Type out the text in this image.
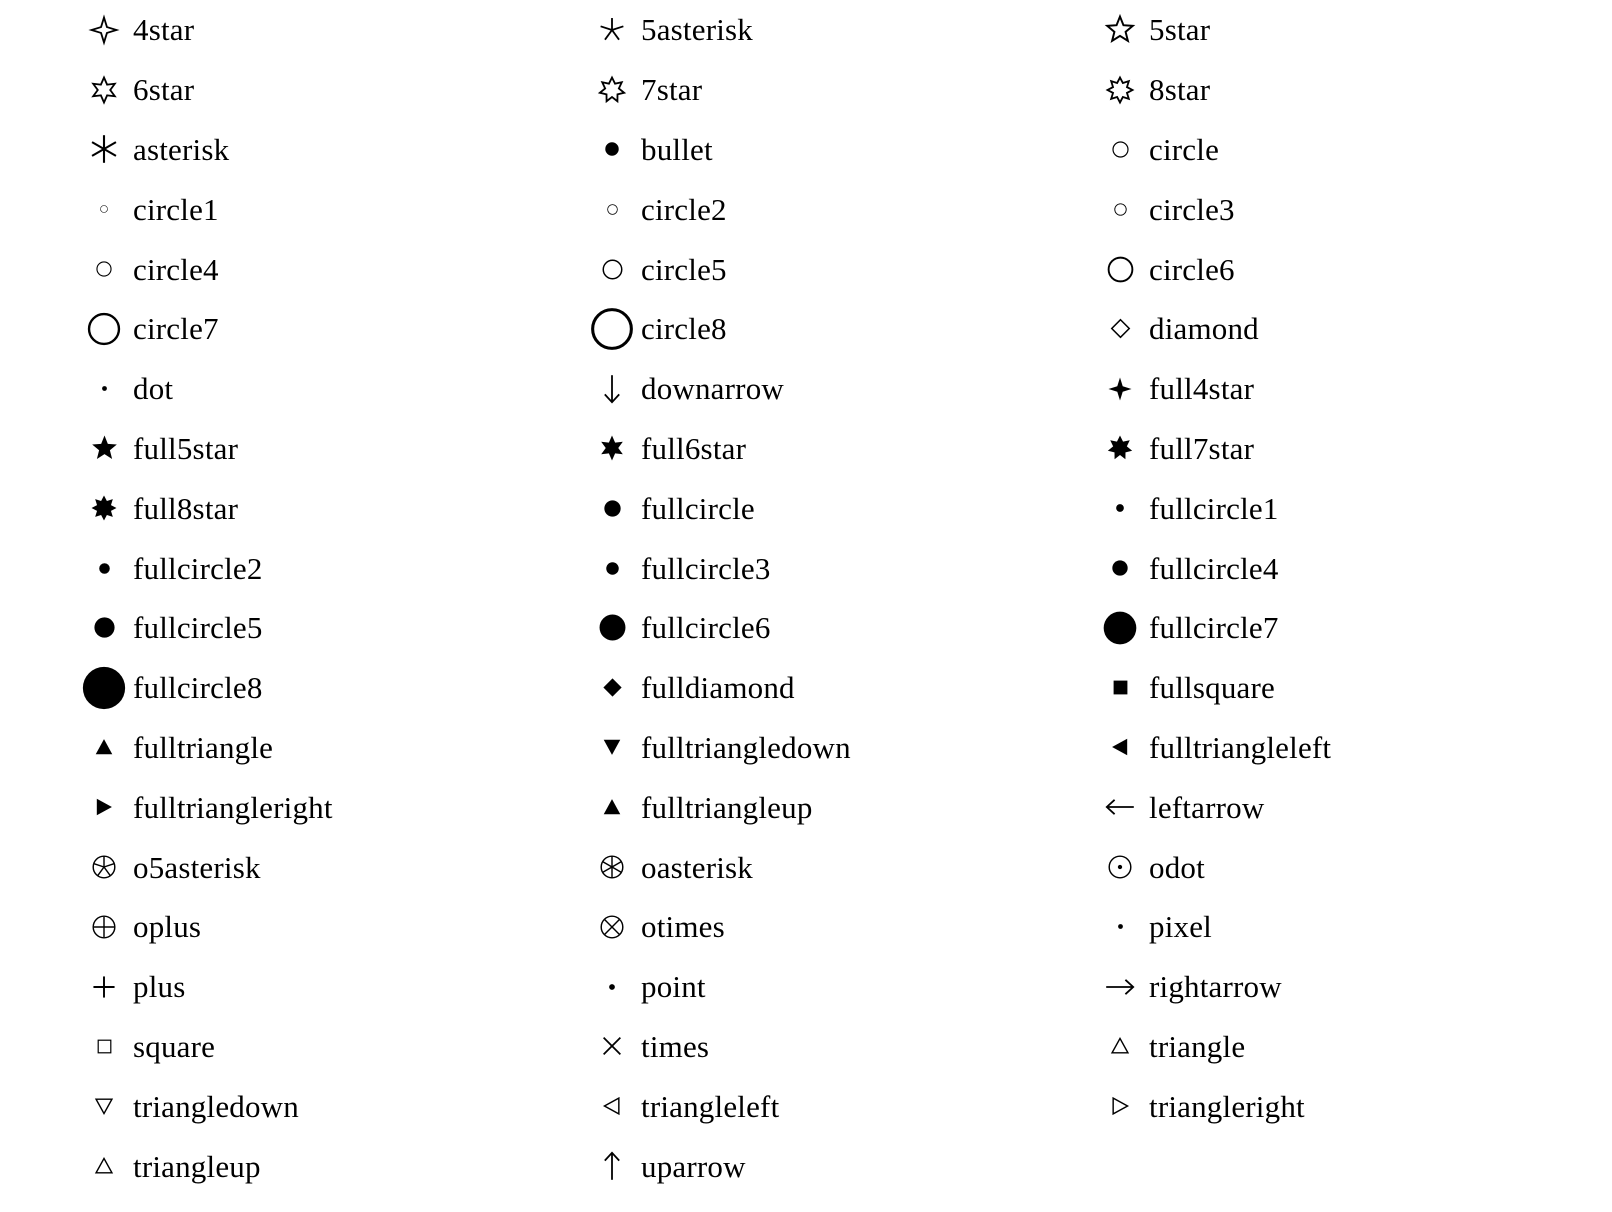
4star	5asterisk	5star
6star	7star	8star
asterisk	bullet	circle
circle1	circle2	circle3
circle4	circle5	circle6
circle7	circle8	diamond
dot	downarrow	full4star
full5star	full6star	full7star
full8star	fullcircle	fullcircle1
fullcircle2	fullcircle3	fullcircle4
fullcircle5	fullcircle6	fullcircle7
fullcircle8	fulldiamond	fullsquare
fulltriangle	fulltriangledown	fulltriangleleft
fulltriangleright	fulltriangleup	leftarrow
o5asterisk	oasterisk	odot
oplus	otimes	pixel
plus	point	rightarrow
square	times	triangle
triangledown	triangleleft	triangleright
triangleup	uparrow
